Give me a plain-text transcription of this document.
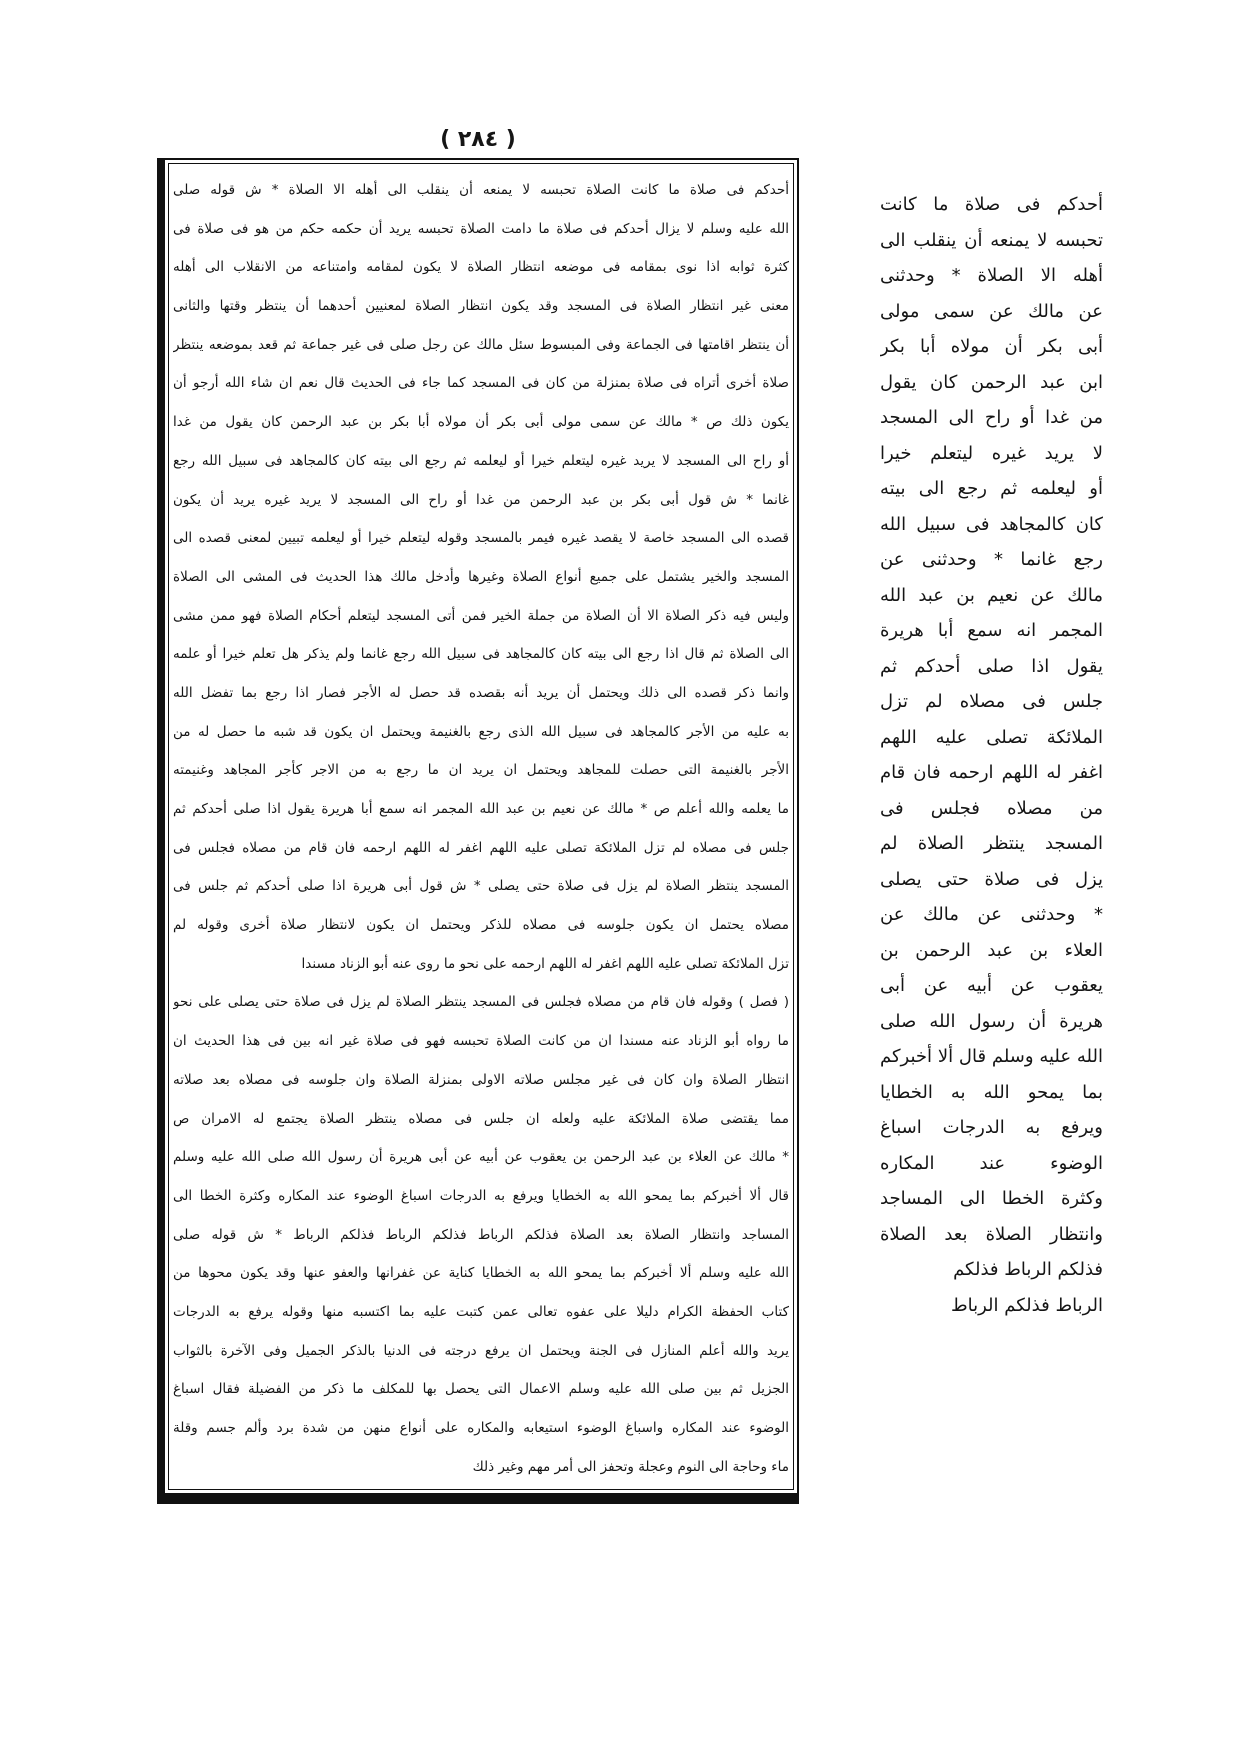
( ٢٨٤ )
أحدكم فى صلاة ما كانت الصلاة تحبسه لا يمنعه أن ينقلب الى أهله الا الصلاة * ش قوله صلى
الله عليه وسلم لا يزال أحدكم فى صلاة ما دامت الصلاة تحبسه يريد أن حكمه حكم من هو فى صلاة فى
كثرة ثوابه اذا نوى بمقامه فى موضعه انتظار الصلاة لا يكون لمقامه وامتناعه من الانقلاب الى أهله
معنى غير انتظار الصلاة فى المسجد وقد يكون انتظار الصلاة لمعنيين أحدهما أن ينتظر وقتها والثانى
أن ينتظر اقامتها فى الجماعة وفى المبسوط سئل مالك عن رجل صلى فى غير جماعة ثم قعد بموضعه ينتظر
صلاة أخرى أتراه فى صلاة بمنزلة من كان فى المسجد كما جاء فى الحديث قال نعم ان شاء الله أرجو أن
يكون ذلك ص * مالك عن سمى مولى أبى بكر أن مولاه أبا بكر بن عبد الرحمن كان يقول من غدا
أو راح الى المسجد لا يريد غيره ليتعلم خيرا أو ليعلمه ثم رجع الى بيته كان كالمجاهد فى سبيل الله رجع
غانما * ش قول أبى بكر بن عبد الرحمن من غدا أو راح الى المسجد لا يريد غيره يريد أن يكون
قصده الى المسجد خاصة لا يقصد غيره فيمر بالمسجد وقوله ليتعلم خيرا أو ليعلمه تبيين لمعنى قصده الى
المسجد والخير يشتمل على جميع أنواع الصلاة وغيرها وأدخل مالك هذا الحديث فى المشى الى الصلاة
وليس فيه ذكر الصلاة الا أن الصلاة من جملة الخير فمن أتى المسجد ليتعلم أحكام الصلاة فهو ممن مشى
الى الصلاة ثم قال اذا رجع الى بيته كان كالمجاهد فى سبيل الله رجع غانما ولم يذكر هل تعلم خيرا أو علمه
وانما ذكر قصده الى ذلك ويحتمل أن يريد أنه بقصده قد حصل له الأجر فصار اذا رجع بما تفضل الله
به عليه من الأجر كالمجاهد فى سبيل الله الذى رجع بالغنيمة ويحتمل ان يكون قد شبه ما حصل له من
الأجر بالغنيمة التى حصلت للمجاهد ويحتمل ان يريد ان ما رجع به من الاجر كأجر المجاهد وغنيمته
ما يعلمه والله أعلم ص * مالك عن نعيم بن عبد الله المجمر انه سمع أبا هريرة يقول اذا صلى أحدكم ثم
جلس فى مصلاه لم تزل الملائكة تصلى عليه اللهم اغفر له اللهم ارحمه فان قام من مصلاه فجلس فى
المسجد ينتظر الصلاة لم يزل فى صلاة حتى يصلى * ش قول أبى هريرة اذا صلى أحدكم ثم جلس فى
مصلاه يحتمل ان يكون جلوسه فى مصلاه للذكر ويحتمل ان يكون لانتظار صلاة أخرى وقوله لم
تزل الملائكة تصلى عليه اللهم اغفر له اللهم ارحمه على نحو ما روى عنه أبو الزناد مسندا
( فصل ) وقوله فان قام من مصلاه فجلس فى المسجد ينتظر الصلاة لم يزل فى صلاة حتى يصلى على نحو
ما رواه أبو الزناد عنه مسندا ان من كانت الصلاة تحبسه فهو فى صلاة غير انه بين فى هذا الحديث ان
انتظار الصلاة وان كان فى غير مجلس صلاته الاولى بمنزلة الصلاة وان جلوسه فى مصلاه بعد صلاته
مما يقتضى صلاة الملائكة عليه ولعله ان جلس فى مصلاه ينتظر الصلاة يجتمع له الامران ص
* مالك عن العلاء بن عبد الرحمن بن يعقوب عن أبيه عن أبى هريرة أن رسول الله صلى الله عليه وسلم
قال ألا أخبركم بما يمحو الله به الخطايا ويرفع به الدرجات اسباغ الوضوء عند المكاره وكثرة الخطا الى
المساجد وانتظار الصلاة بعد الصلاة فذلكم الرباط فذلكم الرباط فذلكم الرباط * ش قوله صلى
الله عليه وسلم ألا أخبركم بما يمحو الله به الخطايا كناية عن غفرانها والعفو عنها وقد يكون محوها من
كتاب الحفظة الكرام دليلا على عفوه تعالى عمن كتبت عليه بما اكتسبه منها وقوله يرفع به الدرجات
يريد والله أعلم المنازل فى الجنة ويحتمل ان يرفع درجته فى الدنيا بالذكر الجميل وفى الآخرة بالثواب
الجزيل ثم بين صلى الله عليه وسلم الاعمال التى يحصل بها للمكلف ما ذكر من الفضيلة فقال اسباغ
الوضوء عند المكاره واسباغ الوضوء استيعابه والمكاره على أنواع منهن من شدة برد وألم جسم وقلة
ماء وحاجة الى النوم وعجلة وتحفز الى أمر مهم وغير ذلك
أحدكم فى صلاة ما كانت
تحبسه لا يمنعه أن ينقلب الى
أهله الا الصلاة * وحدثنى
عن مالك عن سمى مولى
أبى بكر أن مولاه أبا بكر
ابن عبد الرحمن كان يقول
من غدا أو راح الى المسجد
لا يريد غيره ليتعلم خيرا
أو ليعلمه ثم رجع الى بيته
كان كالمجاهد فى سبيل الله
رجع غانما * وحدثنى عن
مالك عن نعيم بن عبد الله
المجمر انه سمع أبا هريرة
يقول اذا صلى أحدكم ثم
جلس فى مصلاه لم تزل
الملائكة تصلى عليه اللهم
اغفر له اللهم ارحمه فان قام
من مصلاه فجلس فى
المسجد ينتظر الصلاة لم
يزل فى صلاة حتى يصلى
* وحدثنى عن مالك عن
العلاء بن عبد الرحمن بن
يعقوب عن أبيه عن أبى
هريرة أن رسول الله صلى
الله عليه وسلم قال ألا أخبركم
بما يمحو الله به الخطايا
ويرفع به الدرجات اسباغ
الوضوء عند المكاره
وكثرة الخطا الى المساجد
وانتظار الصلاة بعد الصلاة
فذلكم الرباط فذلكم
الرباط فذلكم الرباط
